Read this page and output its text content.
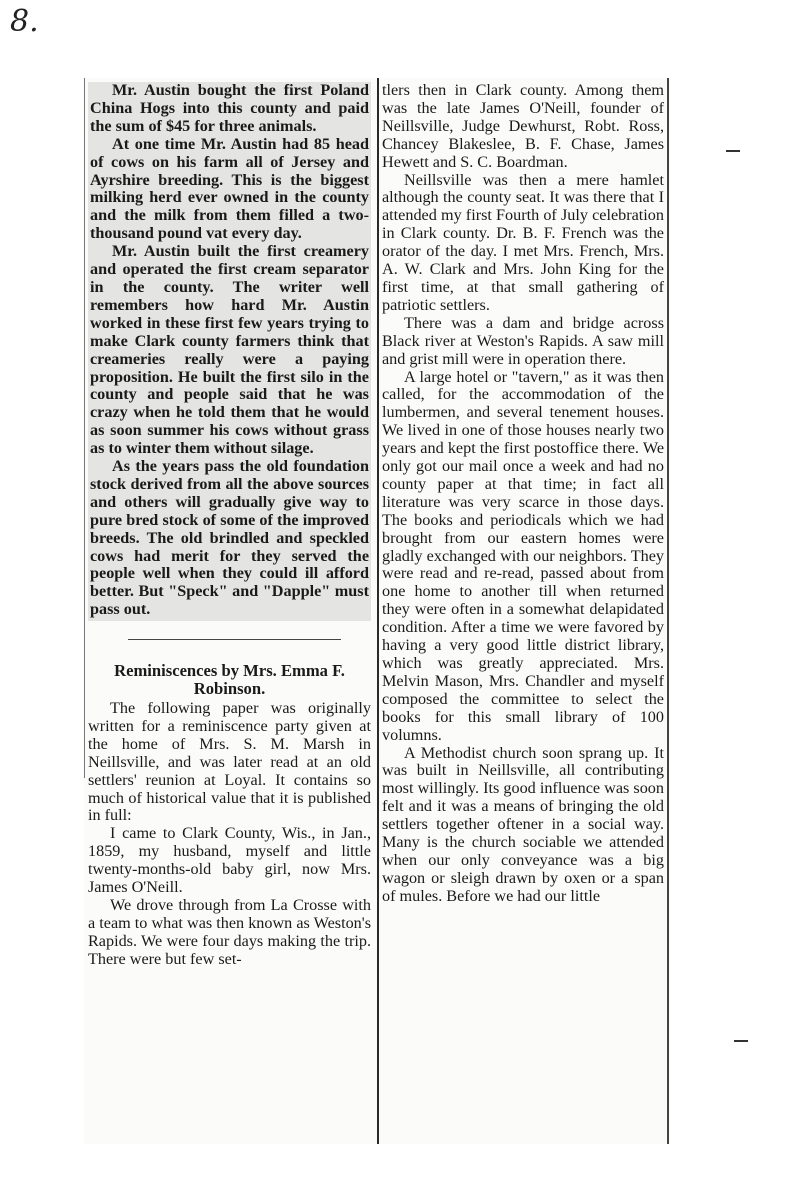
8.

Mr. Austin bought the first Poland China Hogs into this county and paid the sum of $45 for three animals.

At one time Mr. Austin had 85 head of cows on his farm all of Jersey and Ayrshire breeding. This is the biggest milking herd ever owned in the county and the milk from them filled a two-thousand pound vat every day.

Mr. Austin built the first creamery and operated the first cream separator in the county. The writer well remembers how hard Mr. Austin worked in these first few years trying to make Clark county farmers think that creameries really were a paying proposition. He built the first silo in the county and people said that he was crazy when he told them that he would as soon summer his cows without grass as to winter them without silage.

As the years pass the old foundation stock derived from all the above sources and others will gradually give way to pure bred stock of some of the improved breeds. The old brindled and speckled cows had merit for they served the people well when they could ill afford better. But "Speck" and "Dapple" must pass out.

Reminiscences by Mrs. Emma F.
Robinson.

The following paper was originally written for a reminiscence party given at the home of Mrs. S. M. Marsh in Neillsville, and was later read at an old settlers' reunion at Loyal. It contains so much of historical value that it is published in full:

I came to Clark County, Wis., in Jan., 1859, my husband, myself and little twenty-months-old baby girl, now Mrs. James O'Neill.

We drove through from La Crosse with a team to what was then known as Weston's Rapids. We were four days making the trip. There were but few set-

tlers then in Clark county. Among them was the late James O'Neill, founder of Neillsville, Judge Dewhurst, Robt. Ross, Chancey Blakeslee, B. F. Chase, James Hewett and S. C. Boardman.

Neillsville was then a mere hamlet although the county seat. It was there that I attended my first Fourth of July celebration in Clark county. Dr. B. F. French was the orator of the day. I met Mrs. French, Mrs. A. W. Clark and Mrs. John King for the first time, at that small gathering of patriotic settlers.

There was a dam and bridge across Black river at Weston's Rapids. A saw mill and grist mill were in operation there.

A large hotel or "tavern," as it was then called, for the accommodation of the lumbermen, and several tenement houses. We lived in one of those houses nearly two years and kept the first postoffice there. We only got our mail once a week and had no county paper at that time; in fact all literature was very scarce in those days. The books and periodicals which we had brought from our eastern homes were gladly exchanged with our neighbors. They were read and re-read, passed about from one home to another till when returned they were often in a somewhat delapidated condition. After a time we were favored by having a very good little district library, which was greatly appreciated. Mrs. Melvin Mason, Mrs. Chandler and myself composed the committee to select the books for this small library of 100 volumns.

A Methodist church soon sprang up. It was built in Neillsville, all contributing most willingly. Its good influence was soon felt and it was a means of bringing the old settlers together oftener in a social way. Many is the church sociable we attended when our only conveyance was a big wagon or sleigh drawn by oxen or a span of mules. Before we had our little
